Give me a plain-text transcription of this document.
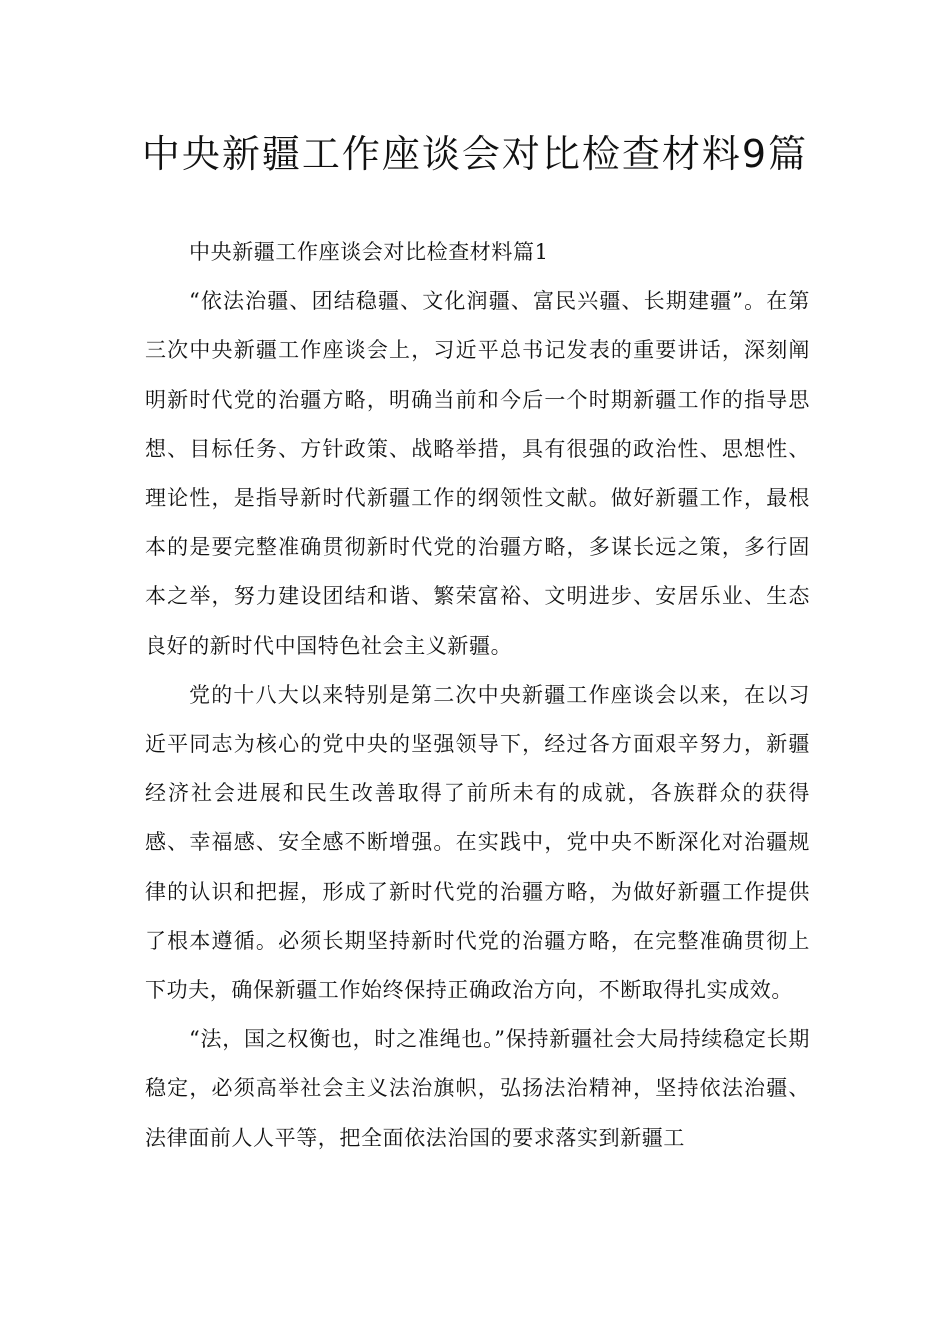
中央新疆工作座谈会对比检查材料9篇

中央新疆工作座谈会对比检查材料篇1

“依法治疆、团结稳疆、文化润疆、富民兴疆、长期建疆”。在第三次中央新疆工作座谈会上，习近平总书记发表的重要讲话，深刻阐明新时代党的治疆方略，明确当前和今后一个时期新疆工作的指导思想、目标任务、方针政策、战略举措，具有很强的政治性、思想性、理论性，是指导新时代新疆工作的纲领性文献。做好新疆工作，最根本的是要完整准确贯彻新时代党的治疆方略，多谋长远之策，多行固本之举，努力建设团结和谐、繁荣富裕、文明进步、安居乐业、生态良好的新时代中国特色社会主义新疆。

党的十八大以来特别是第二次中央新疆工作座谈会以来，在以习近平同志为核心的党中央的坚强领导下，经过各方面艰辛努力，新疆经济社会进展和民生改善取得了前所未有的成就，各族群众的获得感、幸福感、安全感不断增强。在实践中，党中央不断深化对治疆规律的认识和把握，形成了新时代党的治疆方略，为做好新疆工作提供了根本遵循。必须长期坚持新时代党的治疆方略，在完整准确贯彻上下功夫，确保新疆工作始终保持正确政治方向，不断取得扎实成效。

“法，国之权衡也，时之准绳也。”保持新疆社会大局持续稳定长期稳定，必须高举社会主义法治旗帜，弘扬法治精神，坚持依法治疆、法律面前人人平等，把全面依法治国的要求落实到新疆工
